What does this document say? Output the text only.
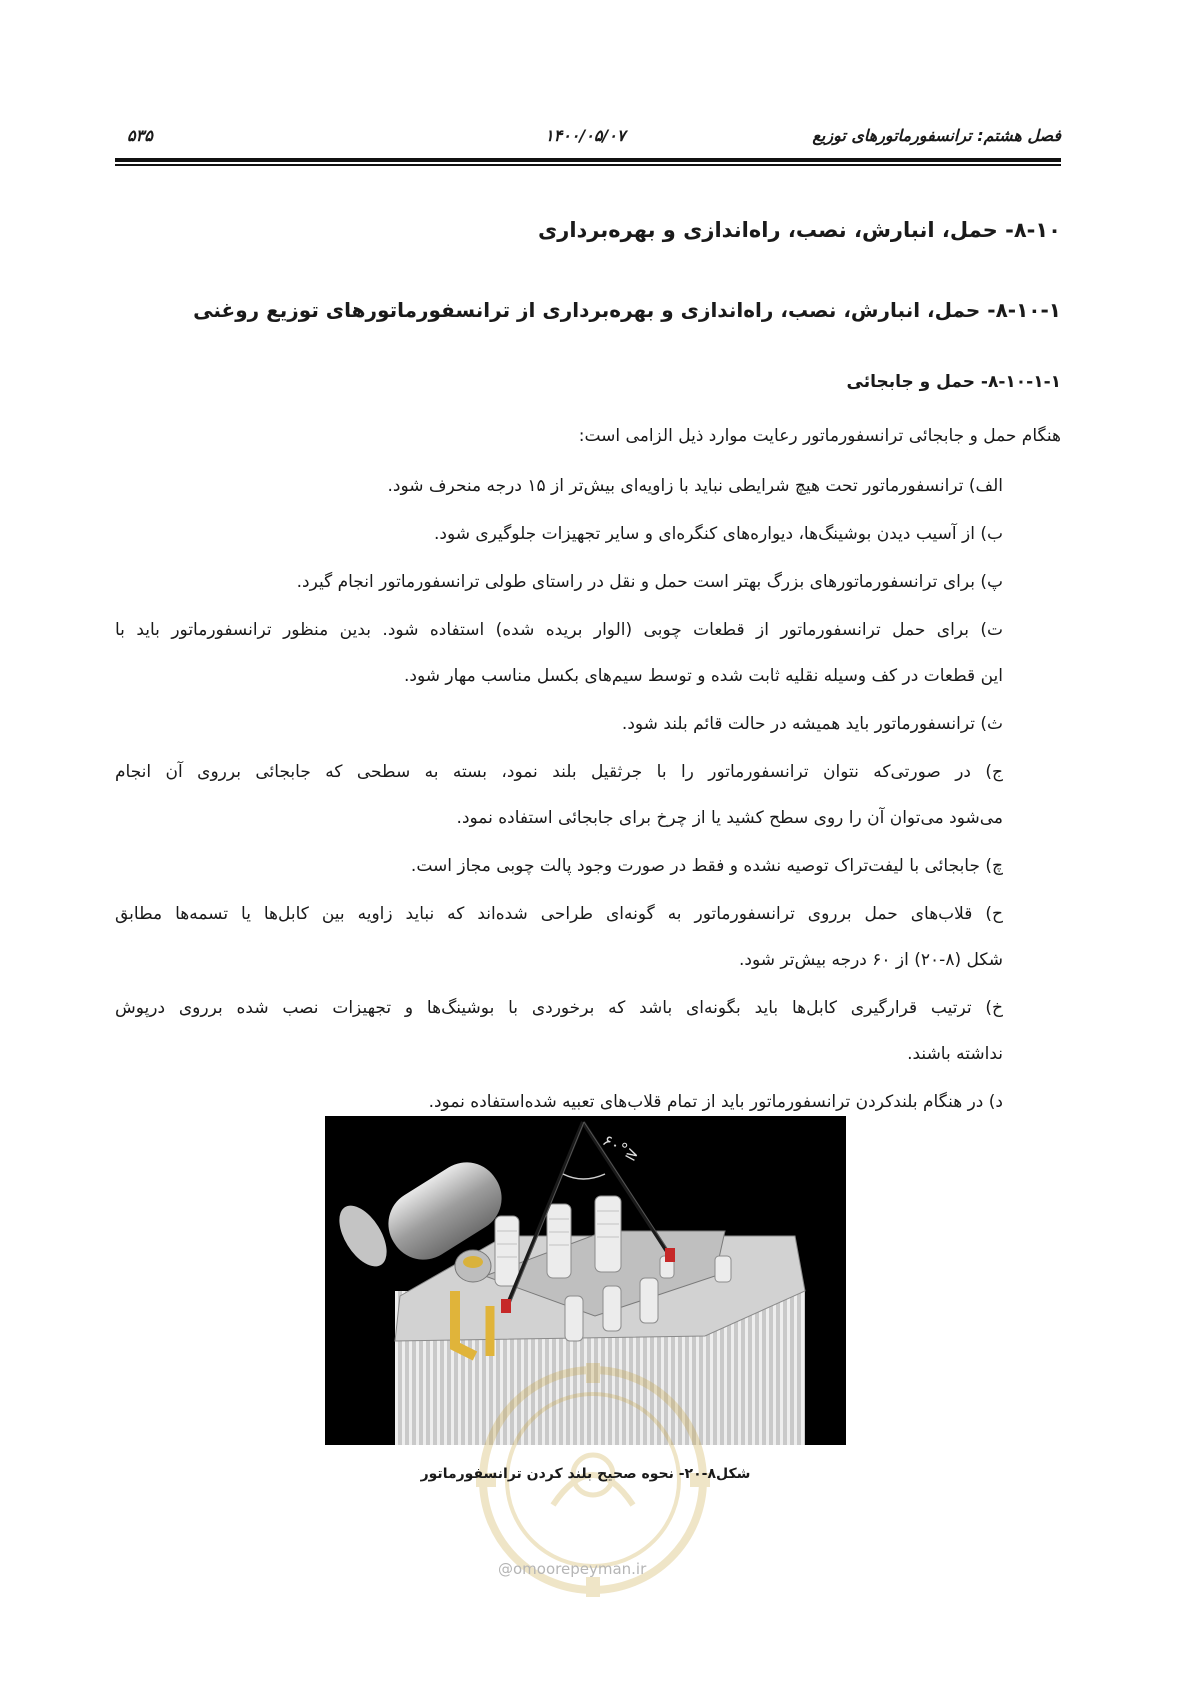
فصل هشتم: ترانسفورماتورهای توزیع
۱۴۰۰/۰۵/۰۷
۵۳۵
۸-۱۰- حمل، انبارش، نصب، راه‌اندازی و بهره‌برداری
۸-۱۰-۱- حمل، انبارش، نصب، راه‌اندازی و بهره‌برداری از ترانسفورماتورهای توزیع روغنی
۸-۱۰-۱-۱- حمل و جابجائی
هنگام حمل و جابجائی ترانسفورماتور رعایت موارد ذیل الزامی است:
الف) ترانسفورماتور تحت هیچ شرایطی نباید با زاویه‌ای بیش‌تر از ۱۵ درجه منحرف شود.
ب) از آسیب دیدن بوشینگ‌ها، دیواره‌های کنگره‌ای و سایر تجهیزات جلوگیری شود.
پ) برای ترانسفورماتورهای بزرگ بهتر است حمل و نقل در راستای طولی ترانسفورماتور انجام گیرد.
ت) برای حمل ترانسفورماتور از قطعات چوبی (الوار بریده شده) استفاده شود. بدین منظور ترانسفورماتور باید با
این قطعات در کف وسیله نقلیه ثابت شده و توسط سیم‌های بکسل مناسب مهار شود.
ث) ترانسفورماتور باید همیشه در حالت قائم بلند شود.
ج) در صورتی‌که نتوان ترانسفورماتور را با جرثقیل بلند نمود، بسته به سطحی که جابجائی برروی آن انجام
می‌شود می‌توان آن را روی سطح کشید یا از چرخ برای جابجائی استفاده نمود.
چ) جابجائی با لیفت‌تراک توصیه نشده و فقط در صورت وجود پالت چوبی مجاز است.
ح) قلاب‌های حمل برروی ترانسفورماتور به گونه‌ای طراحی شده‌اند که نباید زاویه بین کابل‌ها یا تسمه‌ها مطابق
شکل (۸-۲۰) از ۶۰ درجه بیش‌تر شود.
خ) ترتیب قرارگیری کابل‌ها باید بگونه‌ای باشد که برخوردی با بوشینگ‌ها و تجهیزات نصب شده برروی درپوش
نداشته باشند.
د) در هنگام بلندکردن ترانسفورماتور باید از تمام قلاب‌های تعبیه شده‌استفاده نمود.
≤۶۰°
@omoorepeyman.ir
شکل۸-۲۰- نحوه صحیح بلند کردن ترانسفورماتور
